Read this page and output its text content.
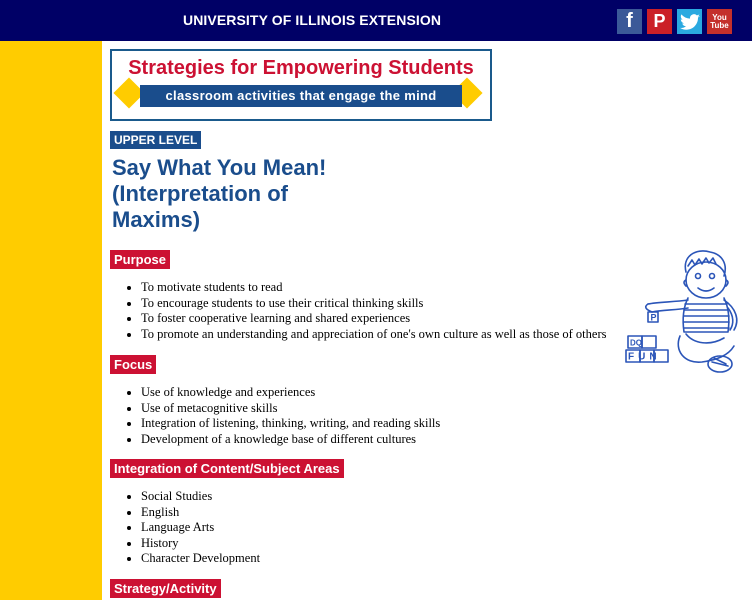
UNIVERSITY OF ILLINOIS EXTENSION	f	P	You Tube
Strategies for Empowering Students
classroom activities that engage the mind
UPPER LEVEL
Say What You Mean! (Interpretation of Maxims)
Purpose
• To motivate students to read
• To encourage students to use their critical thinking skills
• To foster cooperative learning and shared experiences
• To promote an understanding and appreciation of one's own culture as well as those of others
Focus
• Use of knowledge and experiences
• Use of metacognitive skills
• Integration of listening, thinking, writing, and reading skills
• Development of a knowledge base of different cultures
Integration of Content/Subject Areas
• Social Studies
• English
• Language Arts
• History
• Character Development
Strategy/Activity
P
DQ
FUN
